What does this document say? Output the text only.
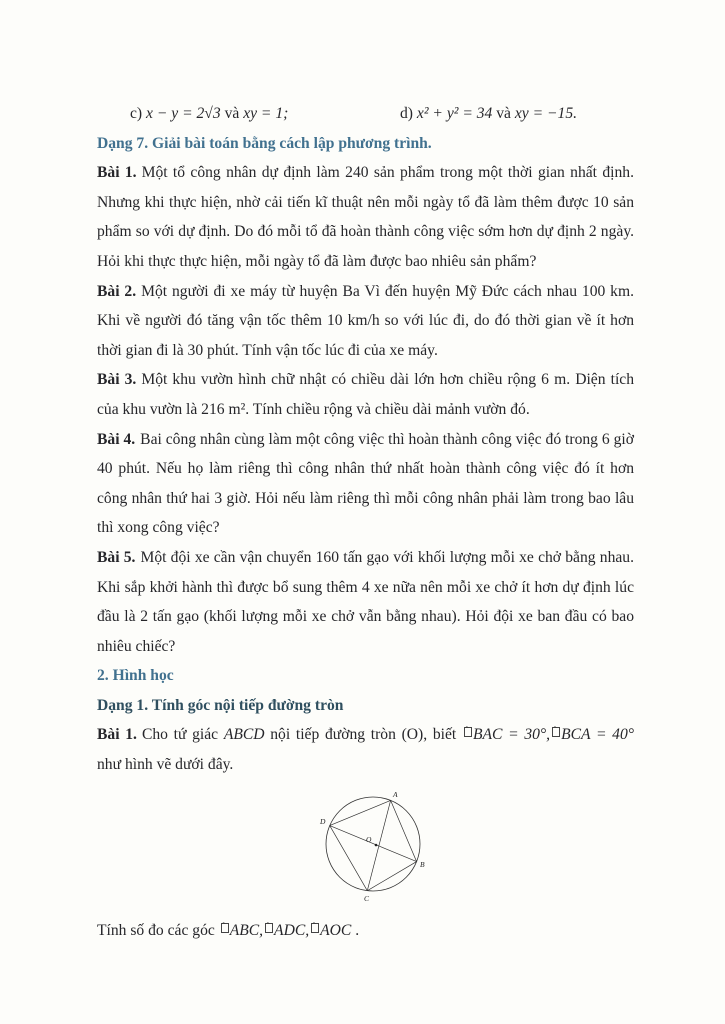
c) x − y = 2√3 và xy = 1;	d) x² + y² = 34 và xy = −15.

Dạng 7. Giải bài toán bằng cách lập phương trình.

Bài 1. Một tổ công nhân dự định làm 240 sản phẩm trong một thời gian nhất định. Nhưng khi thực hiện, nhờ cải tiến kĩ thuật nên mỗi ngày tổ đã làm thêm được 10 sản phẩm so với dự định. Do đó mỗi tổ đã hoàn thành công việc sớm hơn dự định 2 ngày. Hỏi khi thực thực hiện, mỗi ngày tổ đã làm được bao nhiêu sản phẩm?

Bài 2. Một người đi xe máy từ huyện Ba Vì đến huyện Mỹ Đức cách nhau 100 km. Khi về người đó tăng vận tốc thêm 10 km/h so với lúc đi, do đó thời gian về ít hơn thời gian đi là 30 phút. Tính vận tốc lúc đi của xe máy.

Bài 3. Một khu vườn hình chữ nhật có chiều dài lớn hơn chiều rộng 6 m. Diện tích của khu vườn là 216 m². Tính chiều rộng và chiều dài mảnh vườn đó.

Bài 4. Bai công nhân cùng làm một công việc thì hoàn thành công việc đó trong 6 giờ 40 phút. Nếu họ làm riêng thì công nhân thứ nhất hoàn thành công việc đó ít hơn công nhân thứ hai 3 giờ. Hỏi nếu làm riêng thì mỗi công nhân phải làm trong bao lâu thì xong công việc?

Bài 5. Một đội xe cần vận chuyển 160 tấn gạo với khối lượng mỗi xe chở bằng nhau. Khi sắp khởi hành thì được bổ sung thêm 4 xe nữa nên mỗi xe chở ít hơn dự định lúc đầu là 2 tấn gạo (khối lượng mỗi xe chở vẫn bằng nhau). Hỏi đội xe ban đầu có bao nhiêu chiếc?

2. Hình học

Dạng 1. Tính góc nội tiếp đường tròn

Bài 1. Cho tứ giác ABCD nội tiếp đường tròn (O), biết ˆBAC = 30°, ˆ BCA = 40° như hình vẽ dưới đây.

A
B
C
D
O

Tính số đo các góc ˆABC, ˆ ADC, ˆ AOC .
